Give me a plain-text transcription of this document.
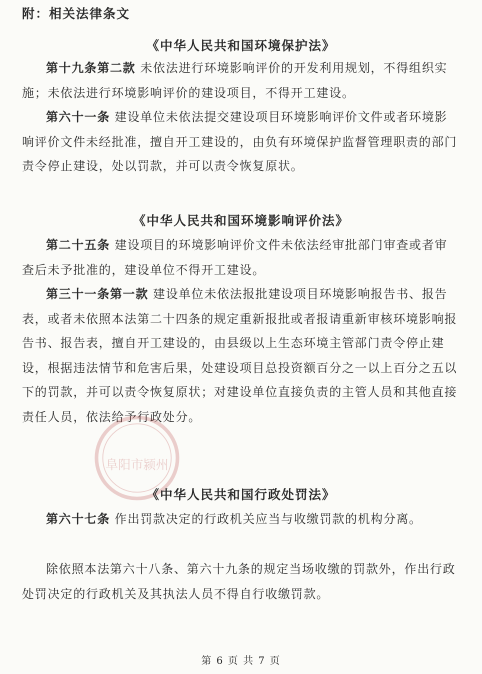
附：相关法律条文
《中华人民共和国环境保护法》

第十九条第二款 未依法进行环境影响评价的开发利用规划，不得组织实施；未依法进行环境影响评价的建设项目，不得开工建设。

第六十一条 建设单位未依法提交建设项目环境影响评价文件或者环境影响评价文件未经批准，擅自开工建设的，由负有环境保护监督管理职责的部门责令停止建设，处以罚款，并可以责令恢复原状。

《中华人民共和国环境影响评价法》

第二十五条 建设项目的环境影响评价文件未依法经审批部门审查或者审查后未予批准的，建设单位不得开工建设。

第三十一条第一款 建设单位未依法报批建设项目环境影响报告书、报告表，或者未依照本法第二十四条的规定重新报批或者报请重新审核环境影响报告书、报告表，擅自开工建设的，由县级以上生态环境主管部门责令停止建设，根据违法情节和危害后果，处建设项目总投资额百分之一以上百分之五以下的罚款，并可以责令恢复原状；对建设单位直接负责的主管人员和其他直接责任人员，依法给予行政处分。

阜阳市颍州
《中华人民共和国行政处罚法》

第六十七条 作出罚款决定的行政机关应当与收缴罚款的机构分离。

除依照本法第六十八条、第六十九条的规定当场收缴的罚款外，作出行政处罚决定的行政机关及其执法人员不得自行收缴罚款。

第 6 页 共 7 页
